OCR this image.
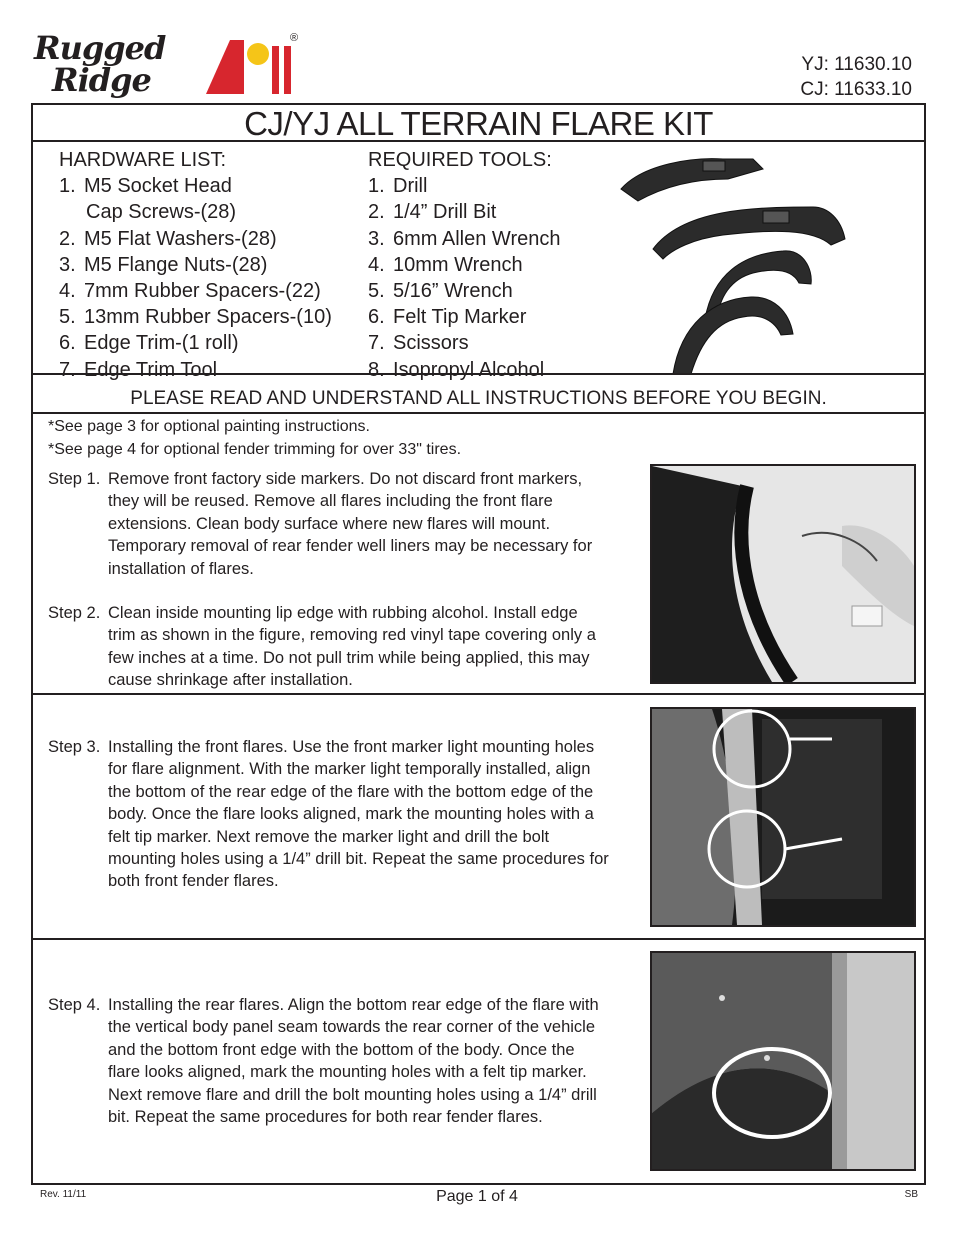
Rugged
Ridge
®
YJ: 11630.10
CJ: 11633.10
CJ/YJ ALL TERRAIN FLARE KIT
HARDWARE LIST:
1. M5 Socket Head
Cap Screws-(28)
2. M5 Flat Washers-(28)
3. M5 Flange Nuts-(28)
4. 7mm Rubber Spacers-(22)
5. 13mm Rubber Spacers-(10)
6. Edge Trim-(1 roll)
7. Edge Trim Tool
REQUIRED TOOLS:
1. Drill
2. 1/4” Drill Bit
3. 6mm Allen Wrench
4. 10mm Wrench
5. 5/16” Wrench
6. Felt Tip Marker
7. Scissors
8. Isopropyl Alcohol
PLEASE READ AND UNDERSTAND ALL INSTRUCTIONS BEFORE YOU BEGIN.
*See page 3 for optional painting instructions.
*See page 4 for optional fender trimming for over 33" tires.
Step 1. Remove front factory side markers. Do not discard front markers,
they will be reused. Remove all flares including the front flare
extensions. Clean body surface where new flares will mount.
Temporary removal of rear fender well liners may be necessary for
installation of flares.
Step 2. Clean inside mounting lip edge with rubbing alcohol. Install edge
trim as shown in the figure, removing red vinyl tape covering only a
few inches at a time. Do not pull trim while being applied, this may
cause shrinkage after installation.
Step 3. Installing the front flares. Use the front marker light mounting holes
for flare alignment. With the marker light temporally installed, align
the bottom of the rear edge of the flare with the bottom edge of the
body. Once the flare looks aligned, mark the mounting holes with a
felt tip marker. Next remove the marker light and drill the bolt
mounting holes using a 1/4” drill bit. Repeat the same procedures for
both front fender flares.
Step 4. Installing the rear flares. Align the bottom rear edge of the flare with
the vertical body panel seam towards the rear corner of the vehicle
and the bottom front edge with the bottom of the body. Once the
flare looks aligned, mark the mounting holes with a felt tip marker.
Next remove flare and drill the bolt mounting holes using a 1/4” drill
bit. Repeat the same procedures for both rear fender flares.
Rev. 11/11	Page 1 of 4	SB
